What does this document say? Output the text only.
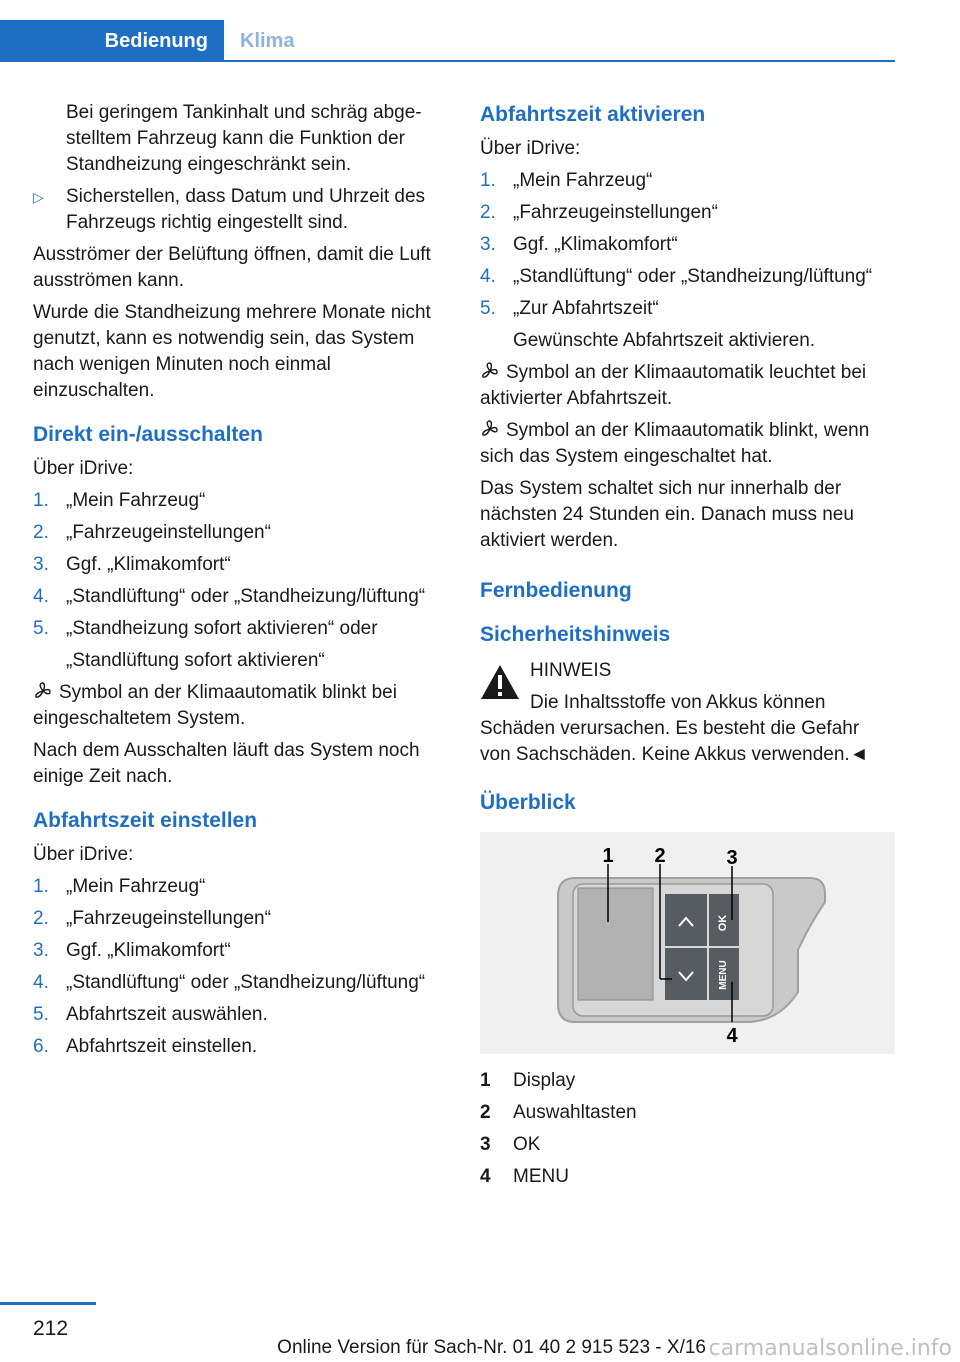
Bedienung	Klima

Bei geringem Tankinhalt und schräg abgestelltem Fahrzeug kann die Funktion der Standheizung eingeschränkt sein.

▷	Sicherstellen, dass Datum und Uhrzeit des Fahrzeugs richtig eingestellt sind.

Ausströmer der Belüftung öffnen, damit die Luft ausströmen kann.

Wurde die Standheizung mehrere Monate nicht genutzt, kann es notwendig sein, das System nach wenigen Minuten noch einmal einzuschalten.

Direkt ein-/ausschalten

Über iDrive:

1. „Mein Fahrzeug“
2. „Fahrzeugeinstellungen“
3. Ggf. „Klimakomfort“
4. „Standlüftung“ oder „Standheizung/lüftung“
5. „Standheizung sofort aktivieren“ oder

„Standlüftung sofort aktivieren“

Symbol an der Klimaautomatik blinkt bei eingeschaltetem System.

Nach dem Ausschalten läuft das System noch einige Zeit nach.

Abfahrtszeit einstellen

Über iDrive:

1. „Mein Fahrzeug“
2. „Fahrzeugeinstellungen“
3. Ggf. „Klimakomfort“
4. „Standlüftung“ oder „Standheizung/lüftung“
5. Abfahrtszeit auswählen.
6. Abfahrtszeit einstellen.
Abfahrtszeit aktivieren

Über iDrive:

1. „Mein Fahrzeug“
2. „Fahrzeugeinstellungen“
3. Ggf. „Klimakomfort“
4. „Standlüftung“ oder „Standheizung/lüftung“
5. „Zur Abfahrtszeit“

Gewünschte Abfahrtszeit aktivieren.

Symbol an der Klimaautomatik leuchtet bei aktivierter Abfahrtszeit.

Symbol an der Klimaautomatik blinkt, wenn sich das System eingeschaltet hat.

Das System schaltet sich nur innerhalb der nächsten 24 Stunden ein. Danach muss neu aktiviert werden.

Fernbedienung
Sicherheitshinweis
HINWEIS
Die Inhaltsstoffe von Akkus können

Schäden verursachen. Es besteht die Gefahr von Sachschäden. Keine Akkus verwenden.◄

Überblick
OK
MENU
1 2	3
4
1	Display
2	Auswahltasten
3	OK
4	MENU
212
Online Version für Sach-Nr. 01 40 2 915 523 - X/16 carmanualsonline.info
